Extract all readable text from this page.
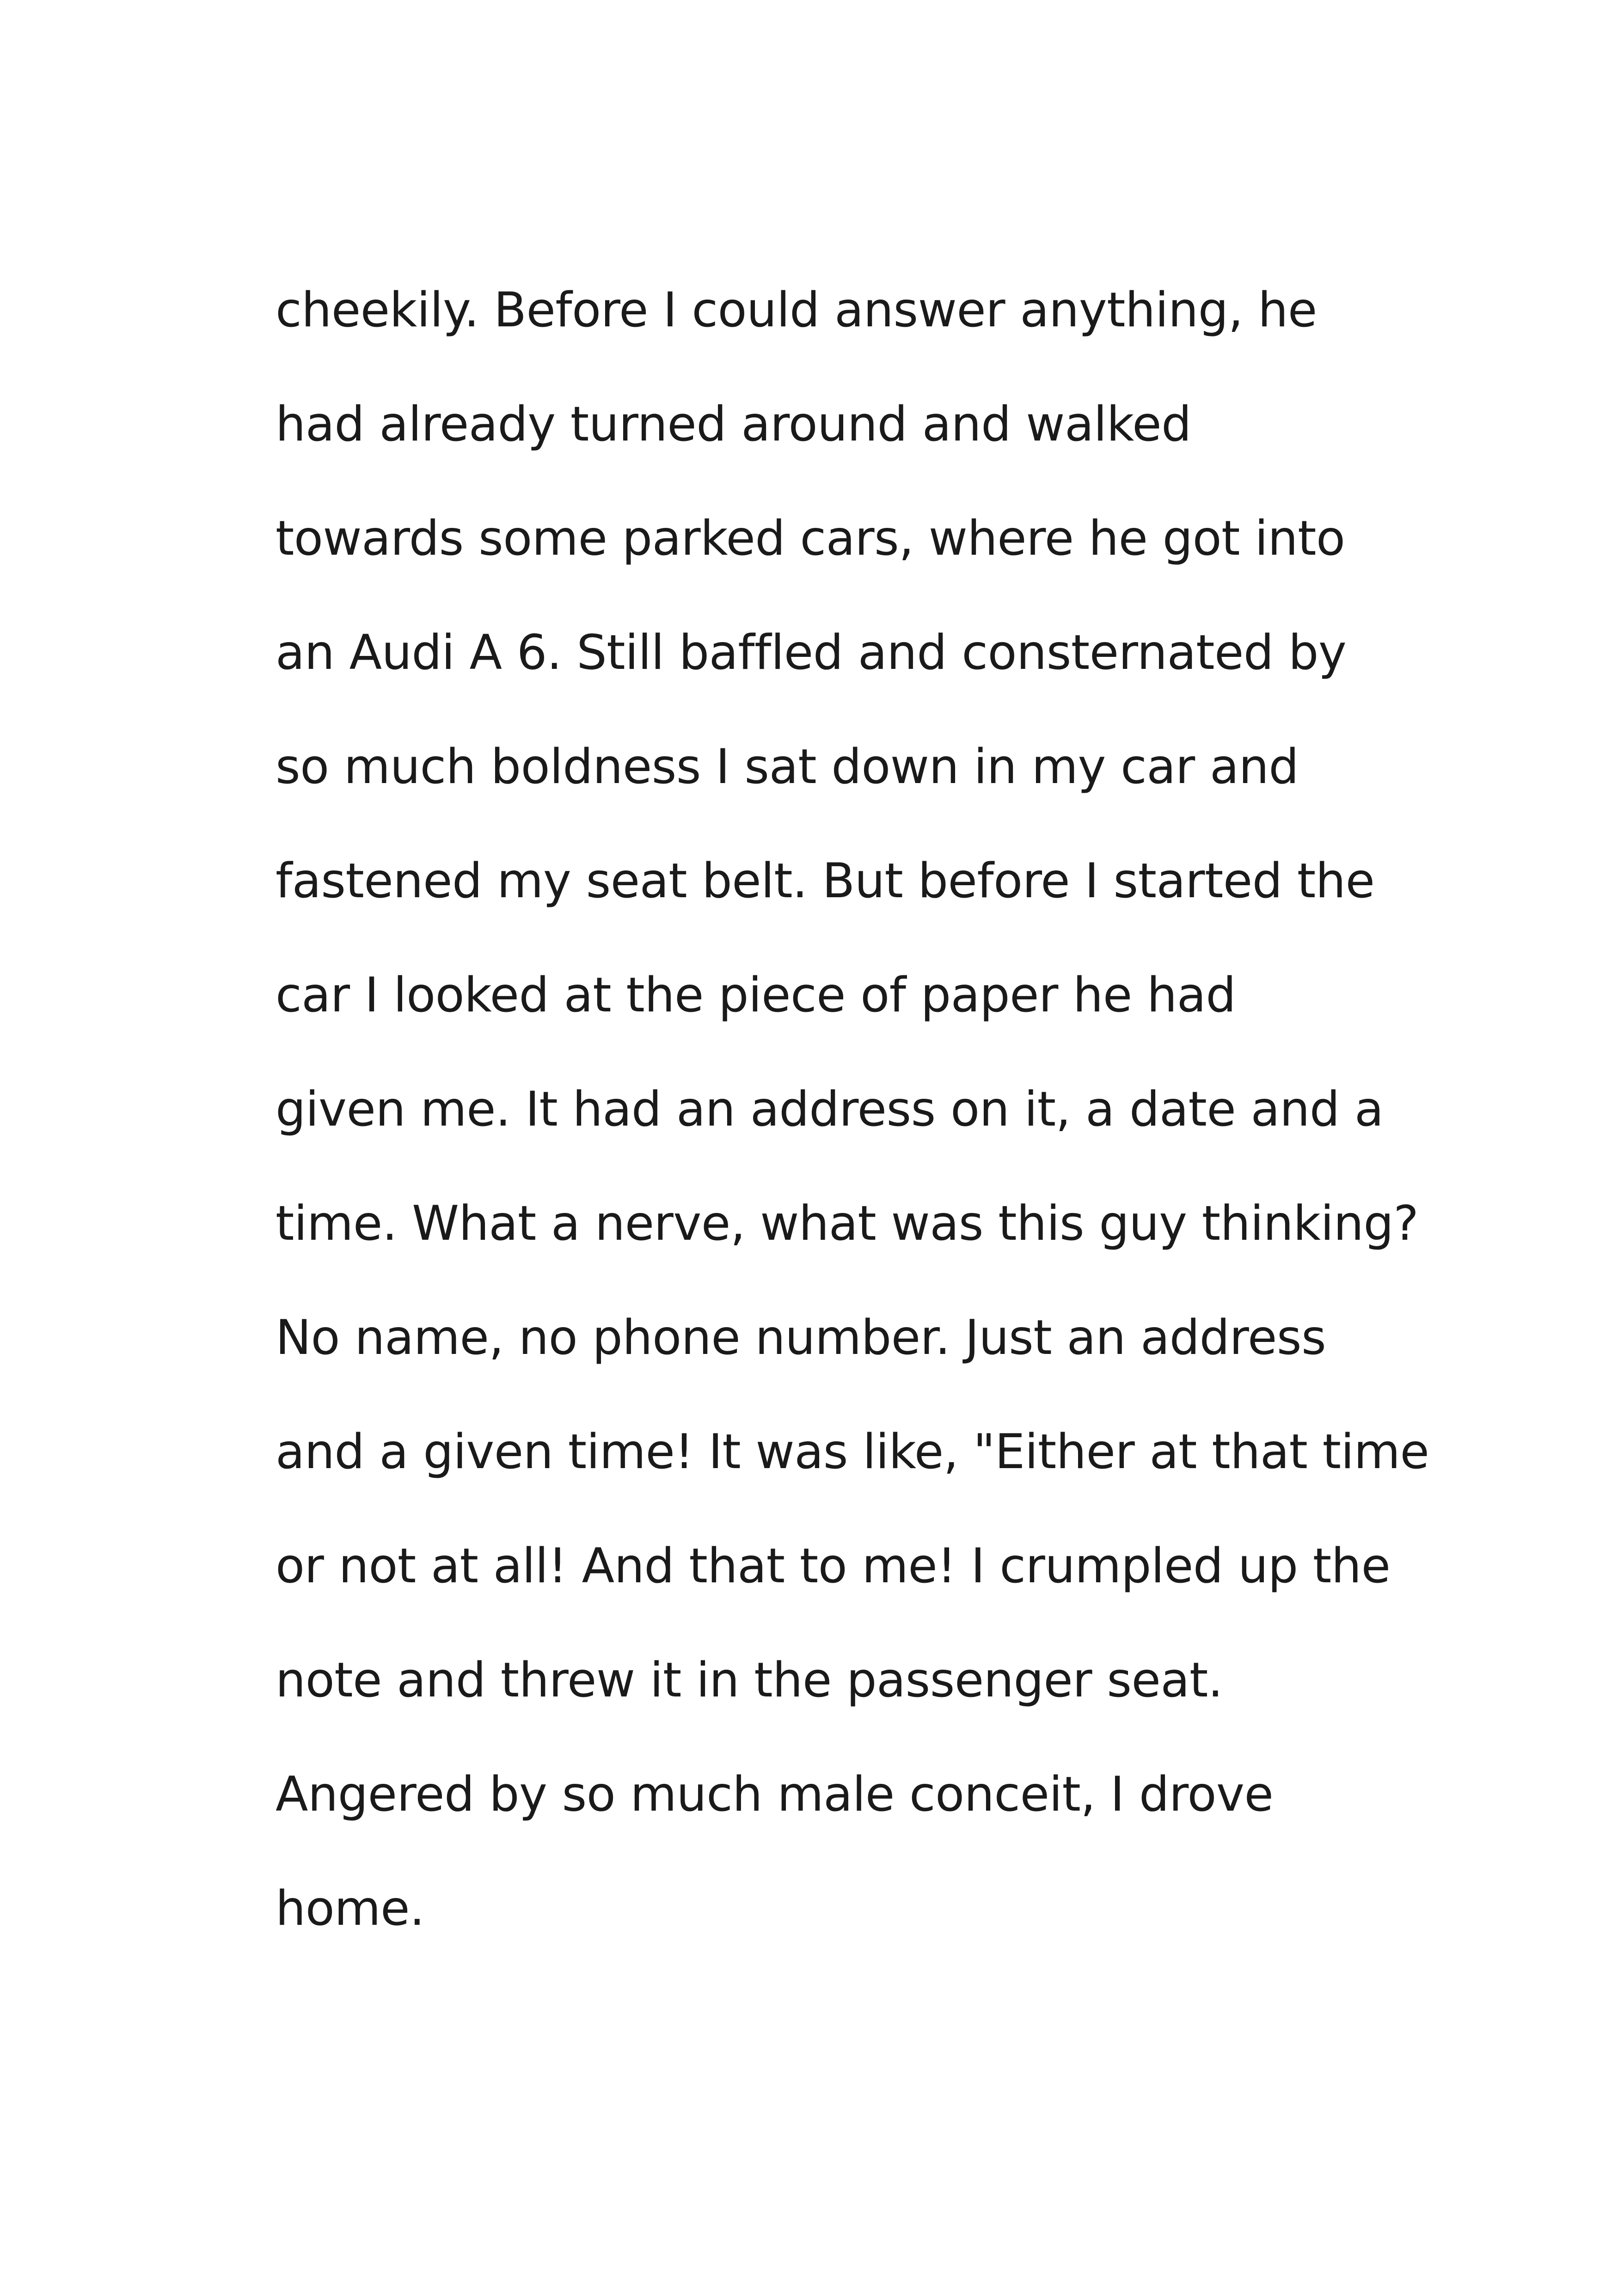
cheekily. Before I could answer anything, he
had already turned around and walked
towards some parked cars, where he got into
an Audi A 6. Still baffled and consternated by
so much boldness I sat down in my car and
fastened my seat belt. But before I started the
car I looked at the piece of paper he had
given me. It had an address on it, a date and a
time. What a nerve, what was this guy thinking?
No name, no phone number. Just an address
and a given time! It was like, "Either at that time
or not at all! And that to me! I crumpled up the
note and threw it in the passenger seat.
Angered by so much male conceit, I drove
home.
